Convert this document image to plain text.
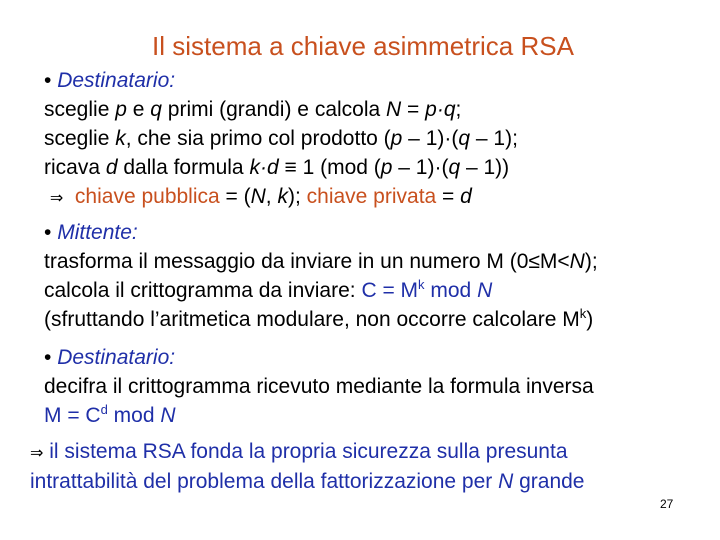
Il sistema a chiave asimmetrica RSA
• Destinatario:
sceglie p e q primi (grandi) e calcola N = p·q;
sceglie k, che sia primo col prodotto (p – 1)·(q – 1);
ricava d dalla formula k·d ≡ 1 (mod (p – 1)·(q – 1))
⇒ chiave pubblica = (N, k); chiave privata = d
• Mittente:
trasforma il messaggio da inviare in un numero M (0≤M<N);
calcola il crittogramma da inviare: $C = M^k$ mod N
(sfruttando l’aritmetica modulare, non occorre calcolare $M^k$)
• Destinatario:
decifra il crittogramma ricevuto mediante la formula inversa
$M = C^d$ mod N
⇒ il sistema RSA fonda la propria sicurezza sulla presunta
intrattabilità del problema della fattorizzazione per N grande
27
